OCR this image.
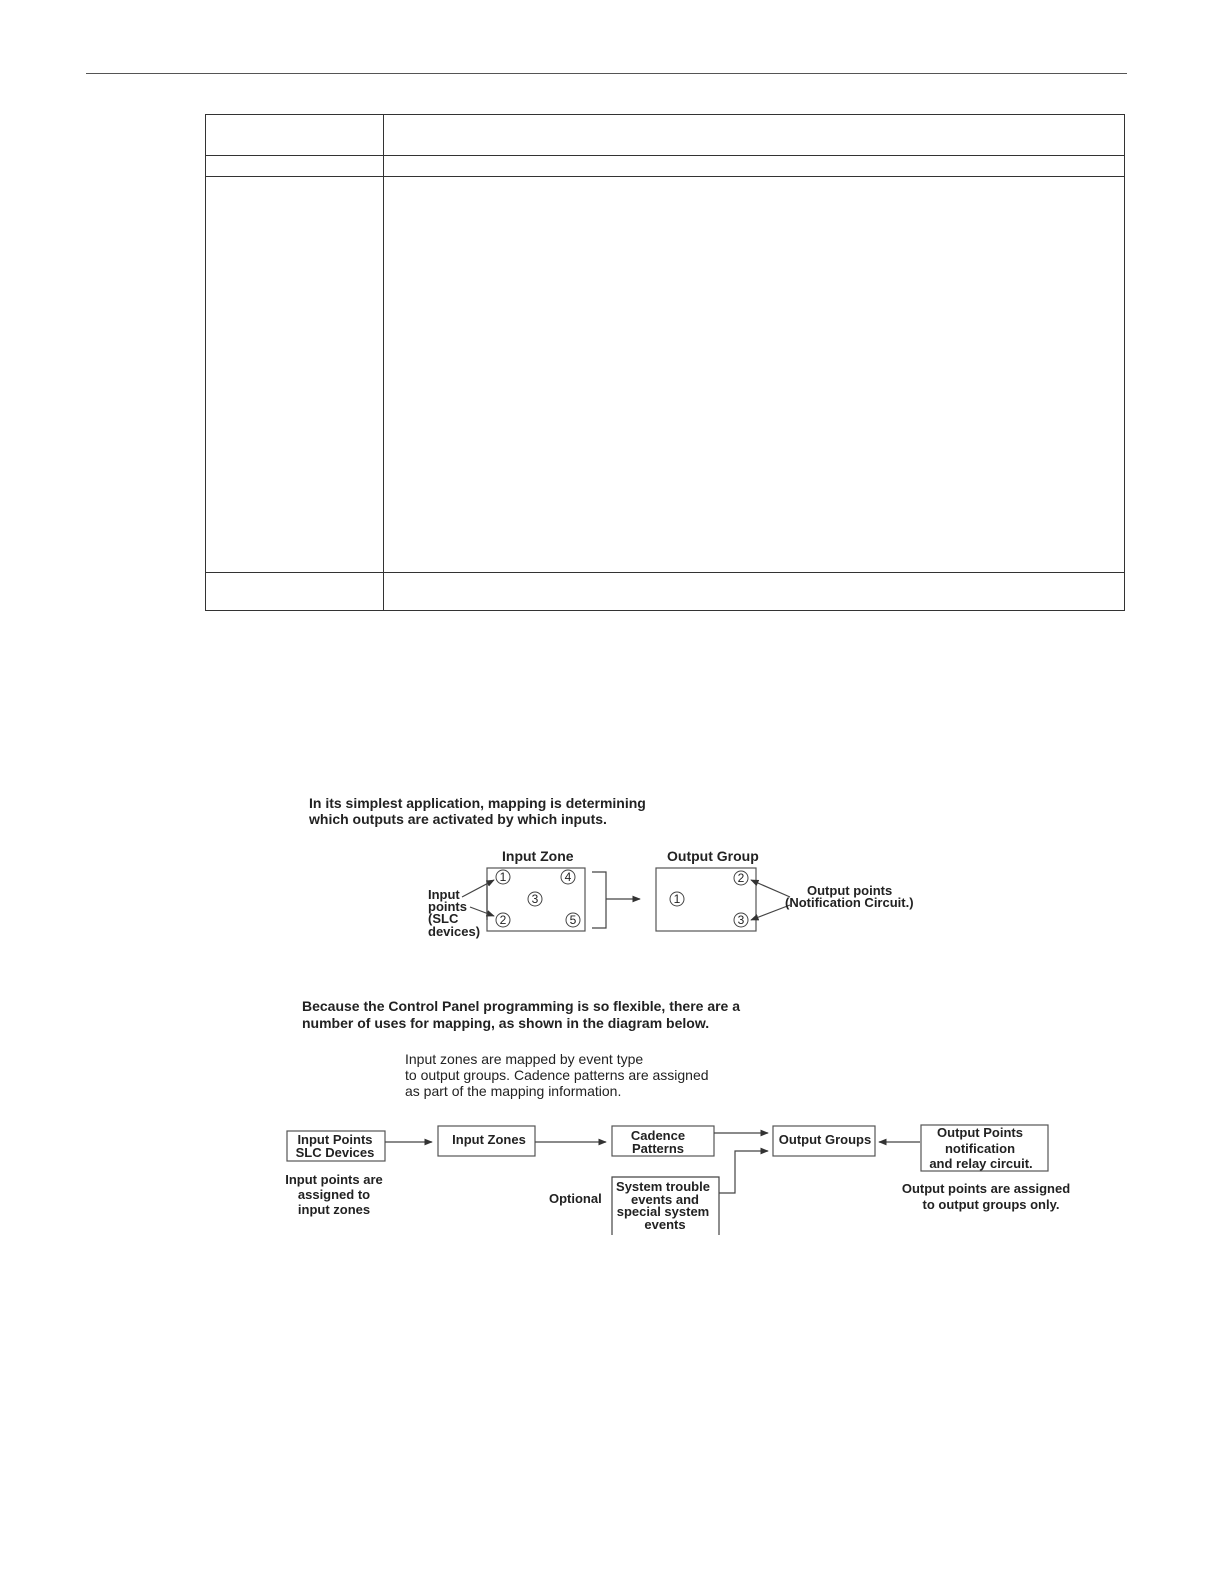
In its simplest application, mapping is determining
which outputs are activated by which inputs.
Input Zone
1	4
3
2	5
Input
points
(SLC
devices)
Output Group
1
2
3
Output points
(Notification Circuit.)
Because the Control Panel programming is so flexible, there are a
number of uses for mapping, as shown in the diagram below.
Input zones are mapped by event type
to output groups. Cadence patterns are assigned
as part of the mapping information.
Input Points
SLC Devices
Input points are
assigned to
input zones
Input Zones	Cadence
Patterns
Output Groups	Output Points
notification
and relay circuit.
Output points are assigned
to output groups only.
Optional
System trouble
events and
special system
events
